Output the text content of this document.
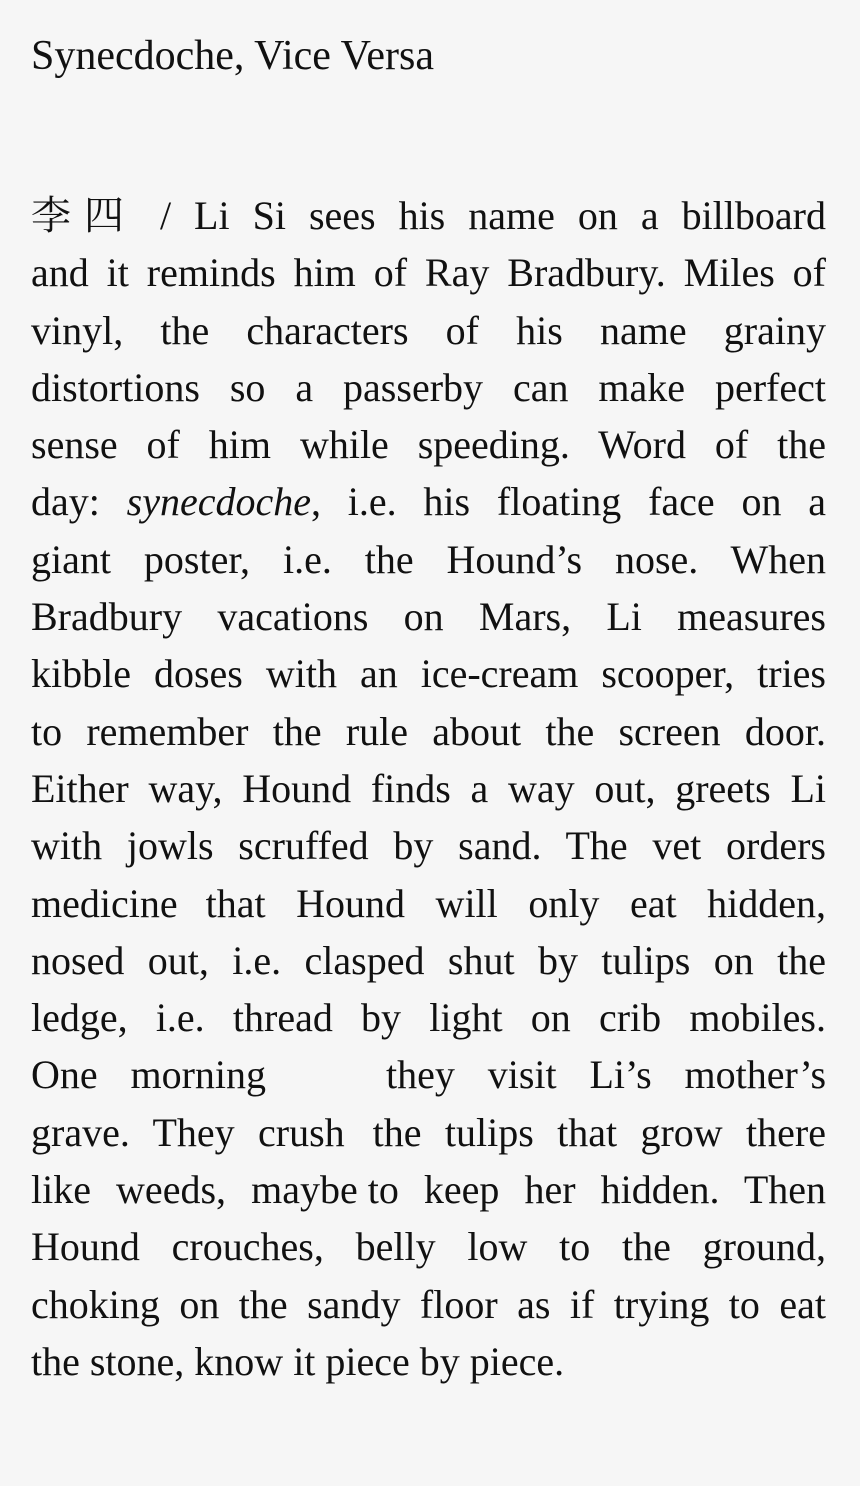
Synecdoche, Vice Versa
李四 / Li Si sees his name on a billboard
and it reminds him of Ray Bradbury. Miles of
vinyl, the characters of his name grainy
distortions so a passerby can make perfect
sense of him while speeding. Word of the
day: synecdoche, i.e. his floating face on a
giant poster, i.e. the Hound’s nose. When
Bradbury vacations on Mars, Li measures
kibble doses with an ice-cream scooper, tries
to remember the rule about the screen door.
Either way, Hound finds a way out, greets Li
with jowls scruffed by sand. The vet orders
medicine that Hound will only eat hidden,
nosed out, i.e. clasped shut by tulips on the
ledge, i.e. thread by light on crib mobiles.
One morning	they visit Li’s mother’s
grave. They crush the tulips that grow there
like weeds, maybe to keep her hidden. Then
Hound crouches, belly low to the ground,
choking on the sandy floor as if trying to eat
the stone, know it piece by piece.
